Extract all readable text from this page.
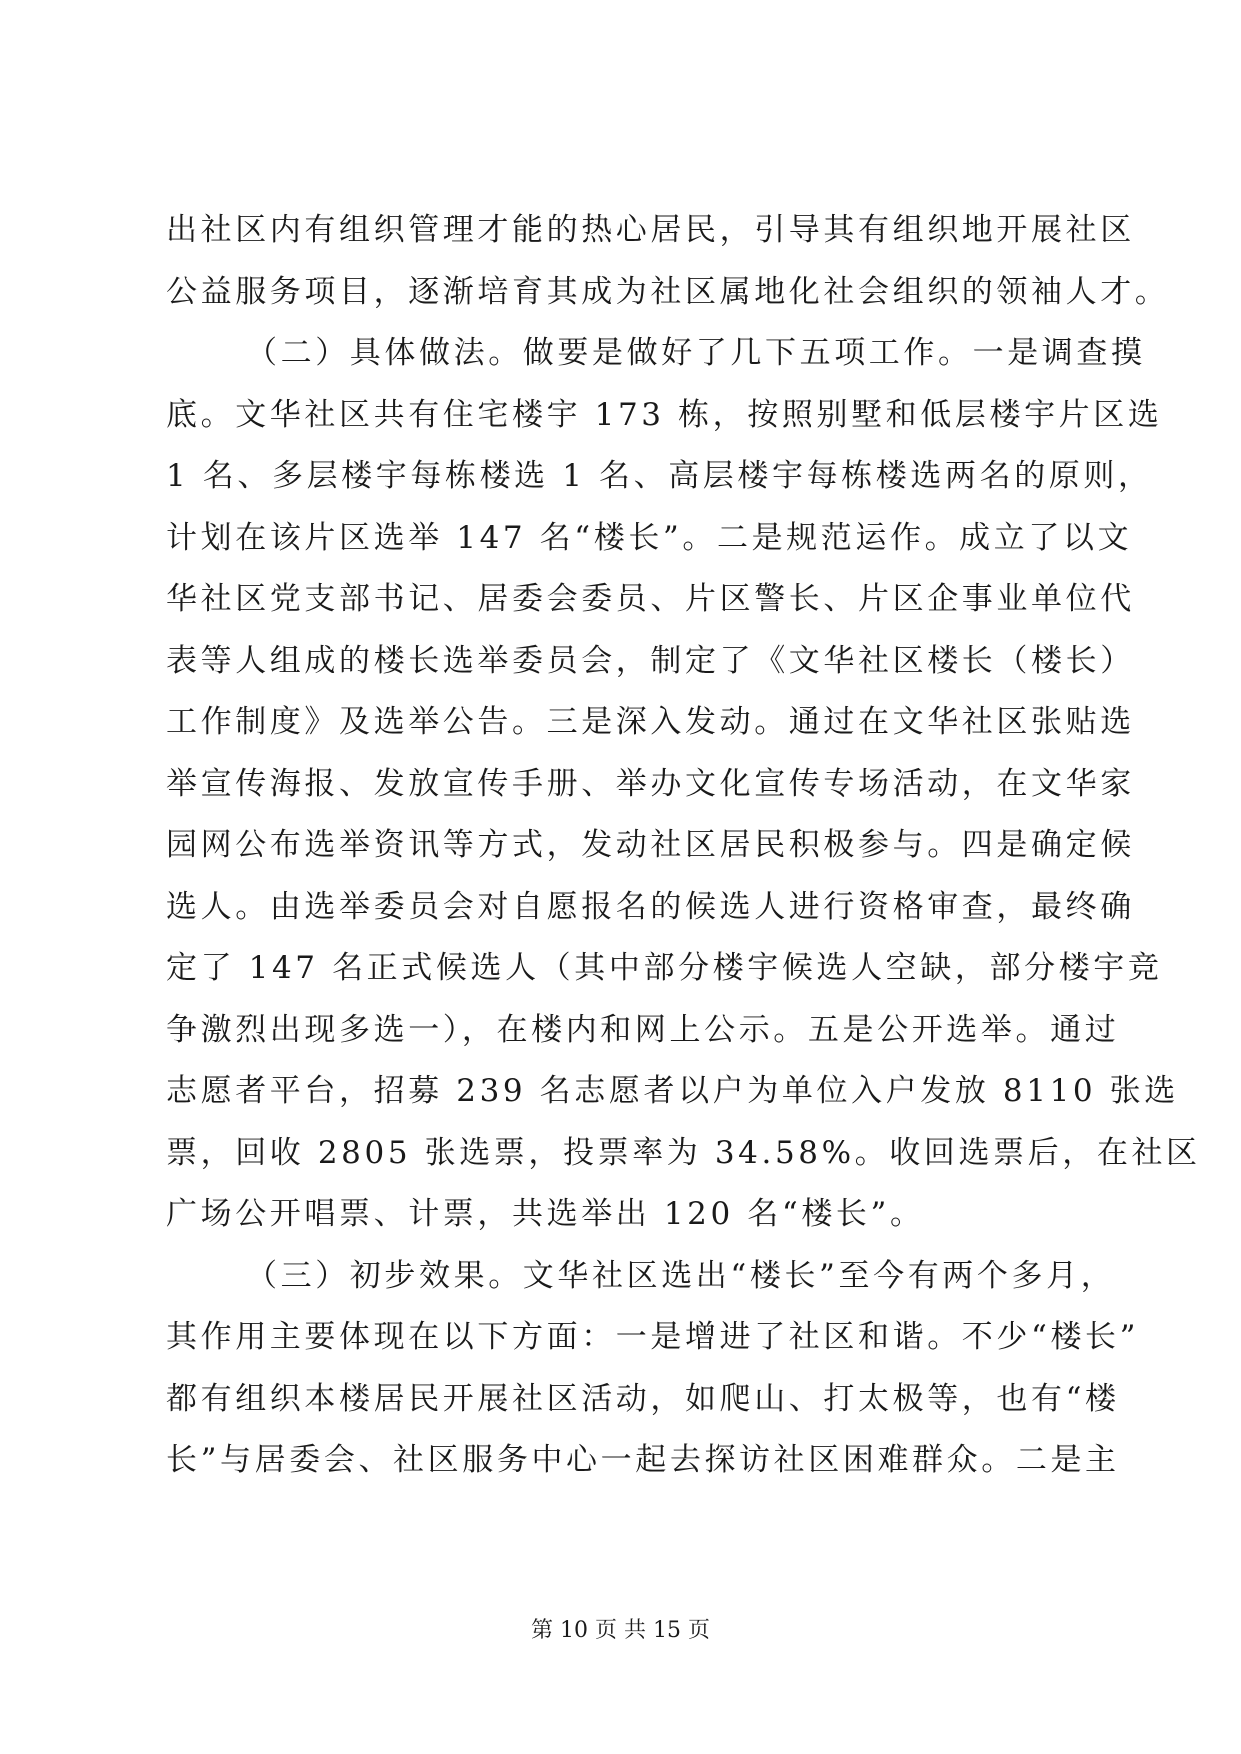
出社区内有组织管理才能的热心居民，引导其有组织地开展社区
公益服务项目，逐渐培育其成为社区属地化社会组织的领袖人才。
（二）具体做法。做要是做好了几下五项工作。一是调查摸
底。文华社区共有住宅楼宇 173 栋，按照别墅和低层楼宇片区选
1 名、多层楼宇每栋楼选 1 名、高层楼宇每栋楼选两名的原则，
计划在该片区选举 147 名“楼长”。二是规范运作。成立了以文
华社区党支部书记、居委会委员、片区警长、片区企事业单位代
表等人组成的楼长选举委员会，制定了《文华社区楼长（楼长）
工作制度》及选举公告。三是深入发动。通过在文华社区张贴选
举宣传海报、发放宣传手册、举办文化宣传专场活动，在文华家
园网公布选举资讯等方式，发动社区居民积极参与。四是确定候
选人。由选举委员会对自愿报名的候选人进行资格审查，最终确
定了 147 名正式候选人（其中部分楼宇候选人空缺，部分楼宇竞
争激烈出现多选一），在楼内和网上公示。五是公开选举。通过
志愿者平台，招募 239 名志愿者以户为单位入户发放 8110 张选
票，回收 2805 张选票，投票率为 34.58%。收回选票后，在社区
广场公开唱票、计票，共选举出 120 名“楼长”。
（三）初步效果。文华社区选出“楼长”至今有两个多月，
其作用主要体现在以下方面：一是增进了社区和谐。不少“楼长”
都有组织本楼居民开展社区活动，如爬山、打太极等，也有“楼
长”与居委会、社区服务中心一起去探访社区困难群众。二是主
第 10 页 共 15 页
